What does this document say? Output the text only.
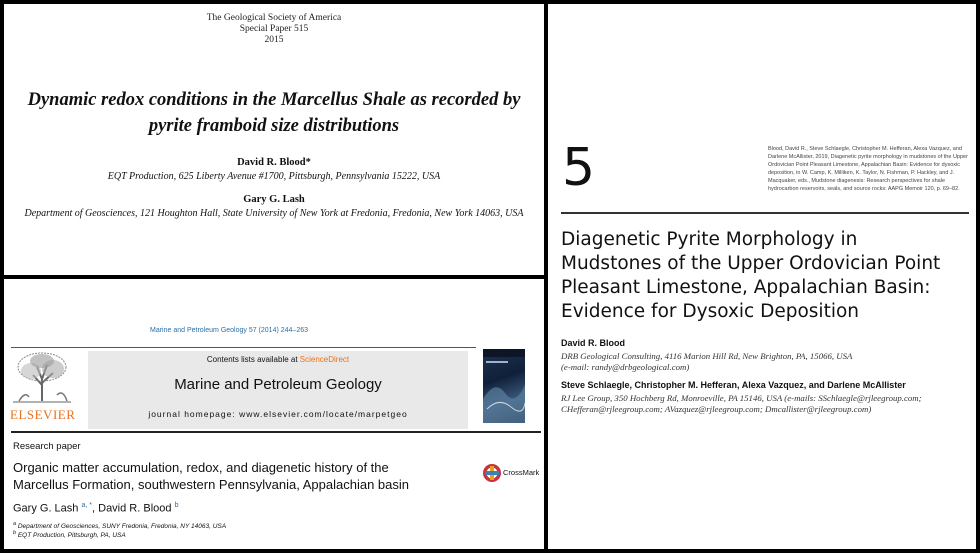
The Geological Society of America
Special Paper 515
2015
Dynamic redox conditions in the Marcellus Shale as recorded by
pyrite framboid size distributions
David R. Blood*
EQT Production, 625 Liberty Avenue #1700, Pittsburgh, Pennsylvania 15222, USA
Gary G. Lash
Department of Geosciences, 121 Houghton Hall, State University of New York at Fredonia, Fredonia, New York 14063, USA
Marine and Petroleum Geology 57 (2014) 244–263
ELSEVIER
Contents lists available at ScienceDirect
Marine and Petroleum Geology
journal homepage: www.elsevier.com/locate/marpetgeo
Research paper
Organic matter accumulation, redox, and diagenetic history of the
Marcellus Formation, southwestern Pennsylvania, Appalachian basin
CrossMark
Gary G. Lash $^{a, *}$, David R. Blood $^b$
$^a$ Department of Geosciences, SUNY Fredonia, Fredonia, NY 14063, USA
$^b$ EQT Production, Pittsburgh, PA, USA
5	Blood, David R., Steve Schlaegle, Christopher M. Hefferan, Alexa Vazquez, and Darlene McAllister, 2019, Diagenetic pyrite morphology in mudstones of the Upper Ordovician Point Pleasant Limestone, Appalachian Basin: Evidence for dysoxic deposition, in W. Camp, K. Milliken, K. Taylor, N. Fishman, P. Hackley, and J. Macquaker, eds., Mudstone diagenesis: Research perspectives for shale hydrocarbon reservoirs, seals, and source rocks: AAPG Memoir 120, p. 69–82.
Diagenetic Pyrite Morphology in
Mudstones of the Upper Ordovician Point
Pleasant Limestone, Appalachian Basin:
Evidence for Dysoxic Deposition
David R. Blood
DRB Geological Consulting, 4116 Marion Hill Rd, New Brighton, PA, 15066, USA
(e-mail: randy@drbgeological.com)
Steve Schlaegle, Christopher M. Hefferan, Alexa Vazquez, and Darlene McAllister
RJ Lee Group, 350 Hochberg Rd, Monroeville, PA 15146, USA (e-mails: SSchlaegle@rjleegroup.com;
CHefferan@rjleegroup.com; AVazquez@rjleegroup.com; Dmcallister@rjleegroup.com)
